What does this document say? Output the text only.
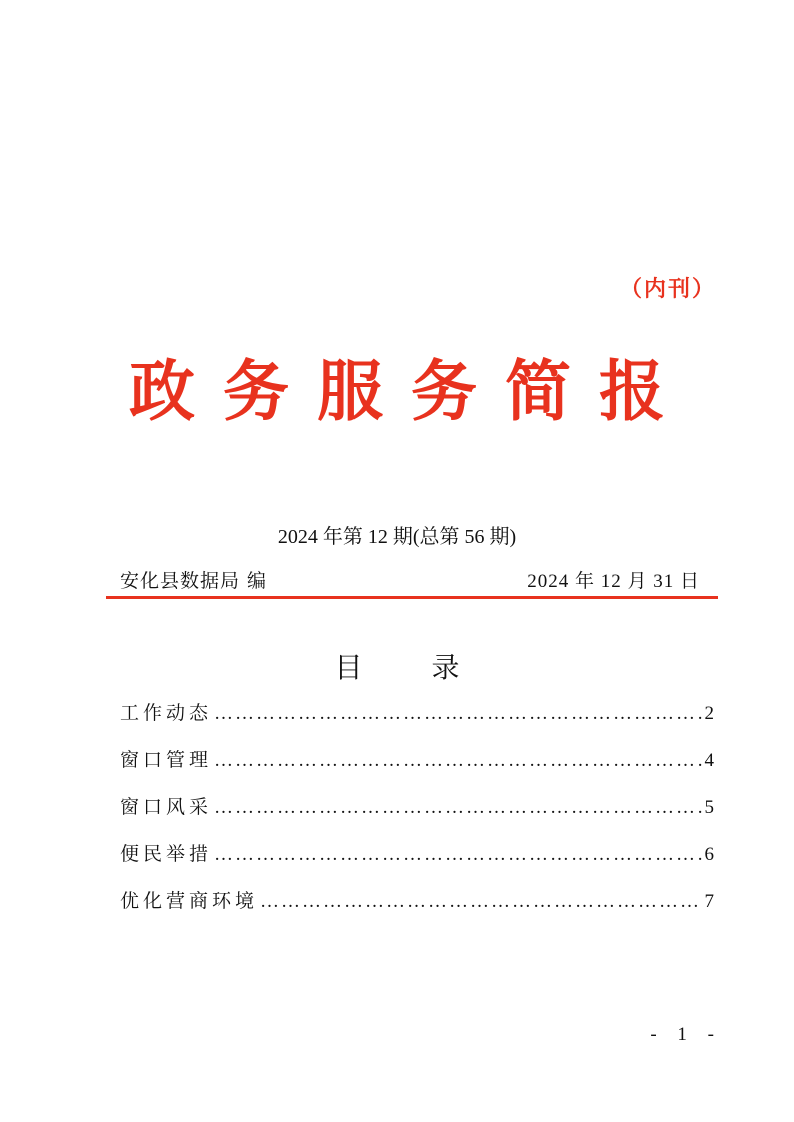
（内刊）
政务服务简报
2024 年第 12 期(总第 56 期)
安化县数据局 编	2024 年 12 月 31 日
目 录
工作动态 …………………………………………………………………………………………………………………………	2
窗口管理 …………………………………………………………………………………………………………………………	4
窗口风采 …………………………………………………………………………………………………………………………	5
便民举措 …………………………………………………………………………………………………………………………	6
优化营商环境 …………………………………………………………………………………………………………………………	7
- 1 -
